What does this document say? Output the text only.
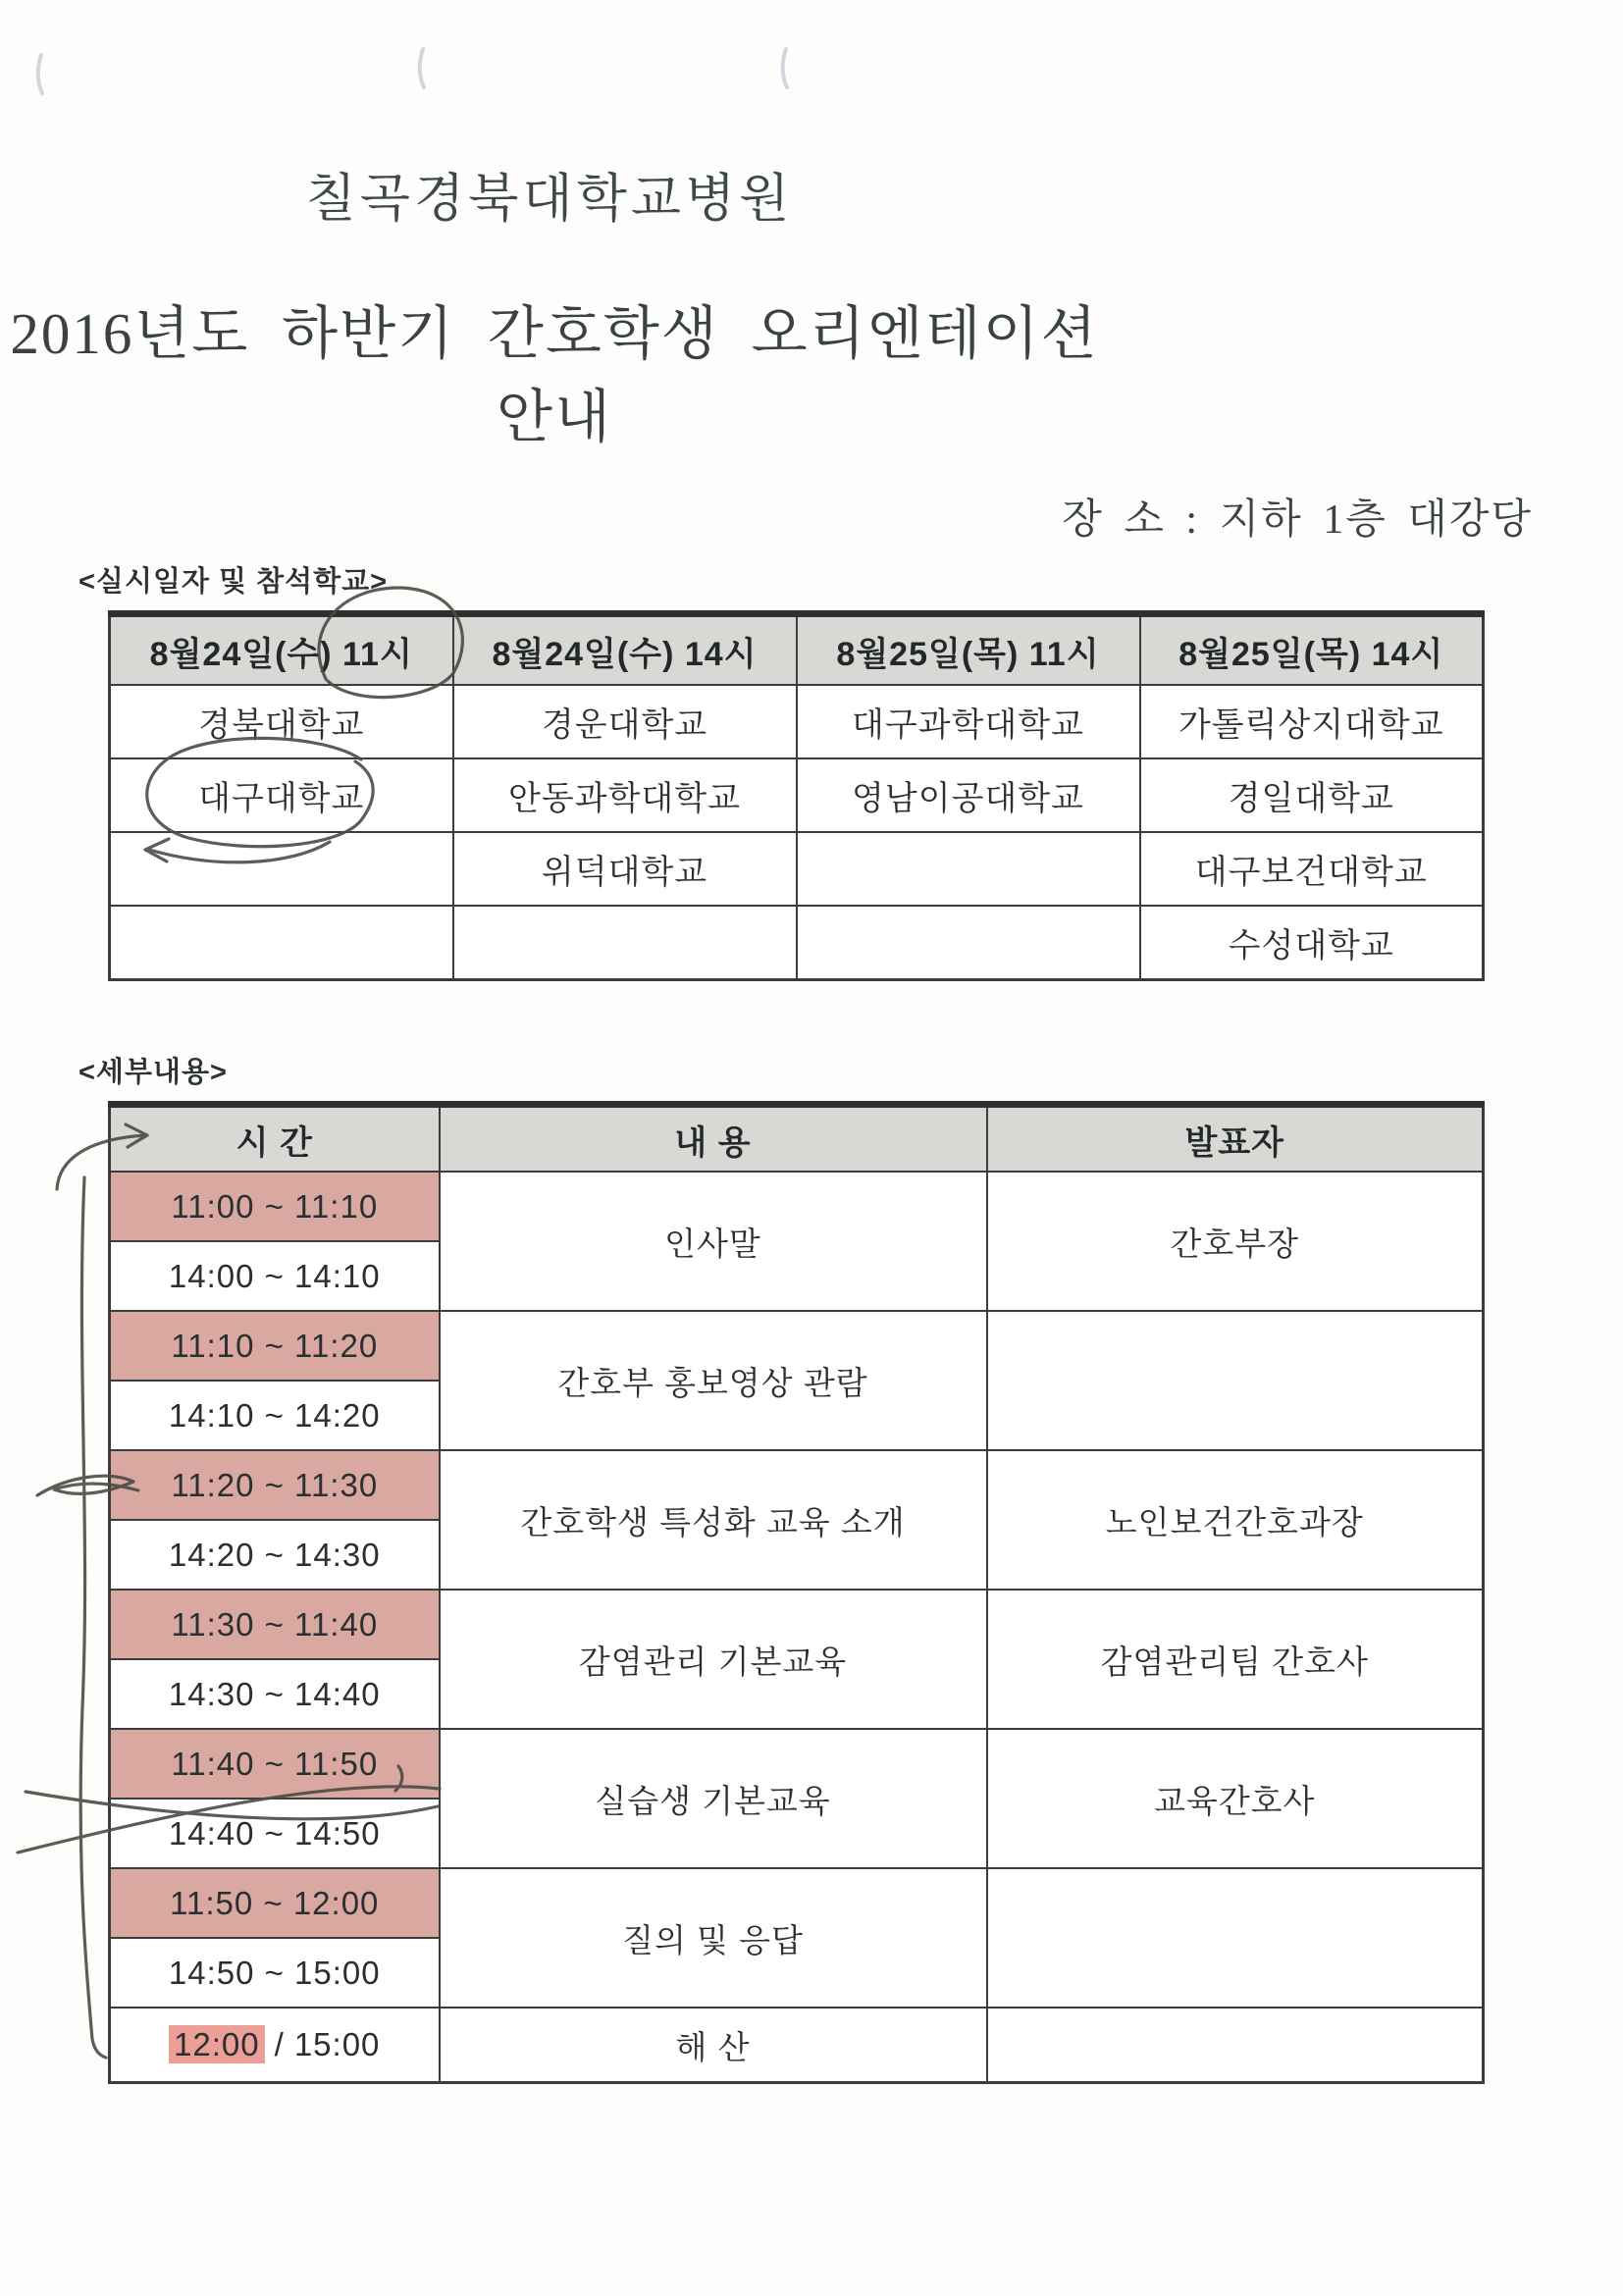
칠곡경북대학교병원
2016년도 하반기 간호학생 오리엔테이션 안내
장 소 : 지하 1층 대강당
<실시일자 및 참석학교>
8월24일(수) 11시	8월24일(수) 14시	8월25일(목) 11시	8월25일(목) 14시
경북대학교	경운대학교	대구과학대학교	가톨릭상지대학교
대구대학교	안동과학대학교	영남이공대학교	경일대학교
	위덕대학교		대구보건대학교
			수성대학교
<세부내용>
시 간	내 용	발표자
11:00 ~ 11:10	인사말	간호부장
14:00 ~ 14:10		
11:10 ~ 11:20	간호부 홍보영상 관람	
14:10 ~ 14:20		
11:20 ~ 11:30	간호학생 특성화 교육 소개	노인보건간호과장
14:20 ~ 14:30		
11:30 ~ 11:40	감염관리 기본교육	감염관리팀 간호사
14:30 ~ 14:40		
11:40 ~ 11:50	실습생 기본교육	교육간호사
14:40 ~ 14:50		
11:50 ~ 12:00	질의 및 응답	
14:50 ~ 15:00		
12:00 / 15:00	해 산	
